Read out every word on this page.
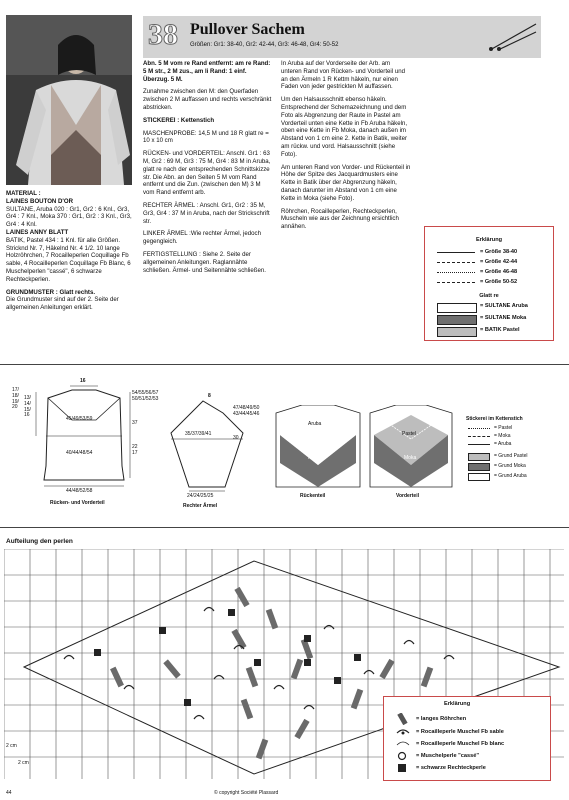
38 Pullover Sachem
Größen: Gr1: 38-40, Gr2: 42-44, Gr3: 46-48, Gr4: 50-52
MATERIAL :
LAINES BOUTON D'OR
SULTANE, Aruba 020 : Gr1, Gr2 : 6 Knl., Gr3, Gr4 : 7 Knl., Moka 370 : Gr1, Gr2 : 3 Knl., Gr3, Gr4 : 4 Knl.
LAINES ANNY BLATT
BATIK, Pastel 434 : 1 Knl. für alle Größen. Stricknd Nr. 7, Häkelnd Nr. 4 1/2. 10 lange Holzröhrchen, 7 Rocailleperlen Coquillage Fb sable, 4 Rocailleperlen Coquillage Fb Blanc, 6 Muschelperlen "cassé", 6 schwarze Rechteckperlen.
GRUNDMUSTER : Glatt rechts.
Die Grundmuster sind auf der 2. Seite der allgemeinen Anleitungen erklärt.

Abn. 5 M vom re Rand entfernt: am re Rand: 5 M str., 2 M zus., am li Rand: 1 einf. Überzug. 5 M.

Zunahme zwischen den M: den Querfaden zwischen 2 M auffassen und rechts verschränkt abstricken.

STICKEREI : Kettenstich

MASCHENPROBE: 14,5 M und 18 R glatt re = 10 x 10 cm

RÜCKEN- und VORDERTEIL: Anschl. Gr1 : 63 M, Gr2 : 69 M, Gr3 : 75 M, Gr4 : 83 M in Aruba, glatt re nach der entsprechenden Schnittskizze str. Die Abn. an den Seiten 5 M vom Rand entfernt und die Zun. (zwischen den M) 3 M vom Rand entfernt arb.

RECHTER ÄRMEL : Anschl. Gr1, Gr2 : 35 M, Gr3, Gr4 : 37 M in Aruba, nach der Strickschrift str.

LINKER ÄRMEL :Wie rechter Ärmel, jedoch gegengleich.

FERTIGSTELLUNG : Siehe 2. Seite der allgemeinen Anleitungen. Raglannähte schließen. Ärmel- und Seitennähte schließen.

In Aruba auf der Vorderseite der Arb. am unteren Rand von Rücken- und Vorderteil und an den Ärmeln 1 R Kettm häkeln, nur einen Faden von jeder gestrickten M auffassen.

Um den Halsausschnitt ebenso häkeln. Entsprechend der Schemazeichnung und dem Foto als Abgrenzung der Raute in Pastel am Vorderteil unten eine Kette in Fb Aruba häkeln, oben eine Kette in Fb Moka, danach außen im Abstand von 1 cm eine 2. Kette in Batik, weiter am rückw. und vord. Halsausschnitt (siehe Foto).

Am unteren Rand von Vorder- und Rückenteil in Höhe der Spitze des Jacquardmusters eine Kette in Batik über der Abgrenzung häkeln, danach darunter im Abstand von 1 cm eine Kette in Moka (siehe Foto).

Röhrchen, Rocailleperlen, Rechteckperlen, Muscheln wie aus der Zeichnung ersichtlich annähen.

Erklärung
= Größe 38-40
= Größe 42-44
= Größe 46-48
= Größe 50-52
Glatt re
= SULTANE Aruba
= SULTANE Moka
= BATIK Pastel
16
17/
18/
19/
20
13/
14/
15/
16
45/49/53/59
54/55/56/57
50/51/52/53
37
40/44/48/54
22
17
44/48/52/58
Rücken- und Vorderteil
8
47/48/49/50
43/44/45/46
35/37/39/41
30
24/24/25/25
Rechter Ärmel
Aruba
Moka
Pastel
Moka
Rückenteil	Vorderteil
Stickerei im Kettenstich
= Pastel
= Moka
= Aruba
= Grund Pastel
= Grund Moka
= Grund Aruba
Aufteilung den perlen
2 cm
2 cm
Erklärung
= langes Röhrchen
= Rocailleperle Muschel Fb sable
= Rocailleperle Muschel Fb blanc
= Muschelperle "cassé"
= schwarze Rechteckperle
44	© copyright Société Plassard
